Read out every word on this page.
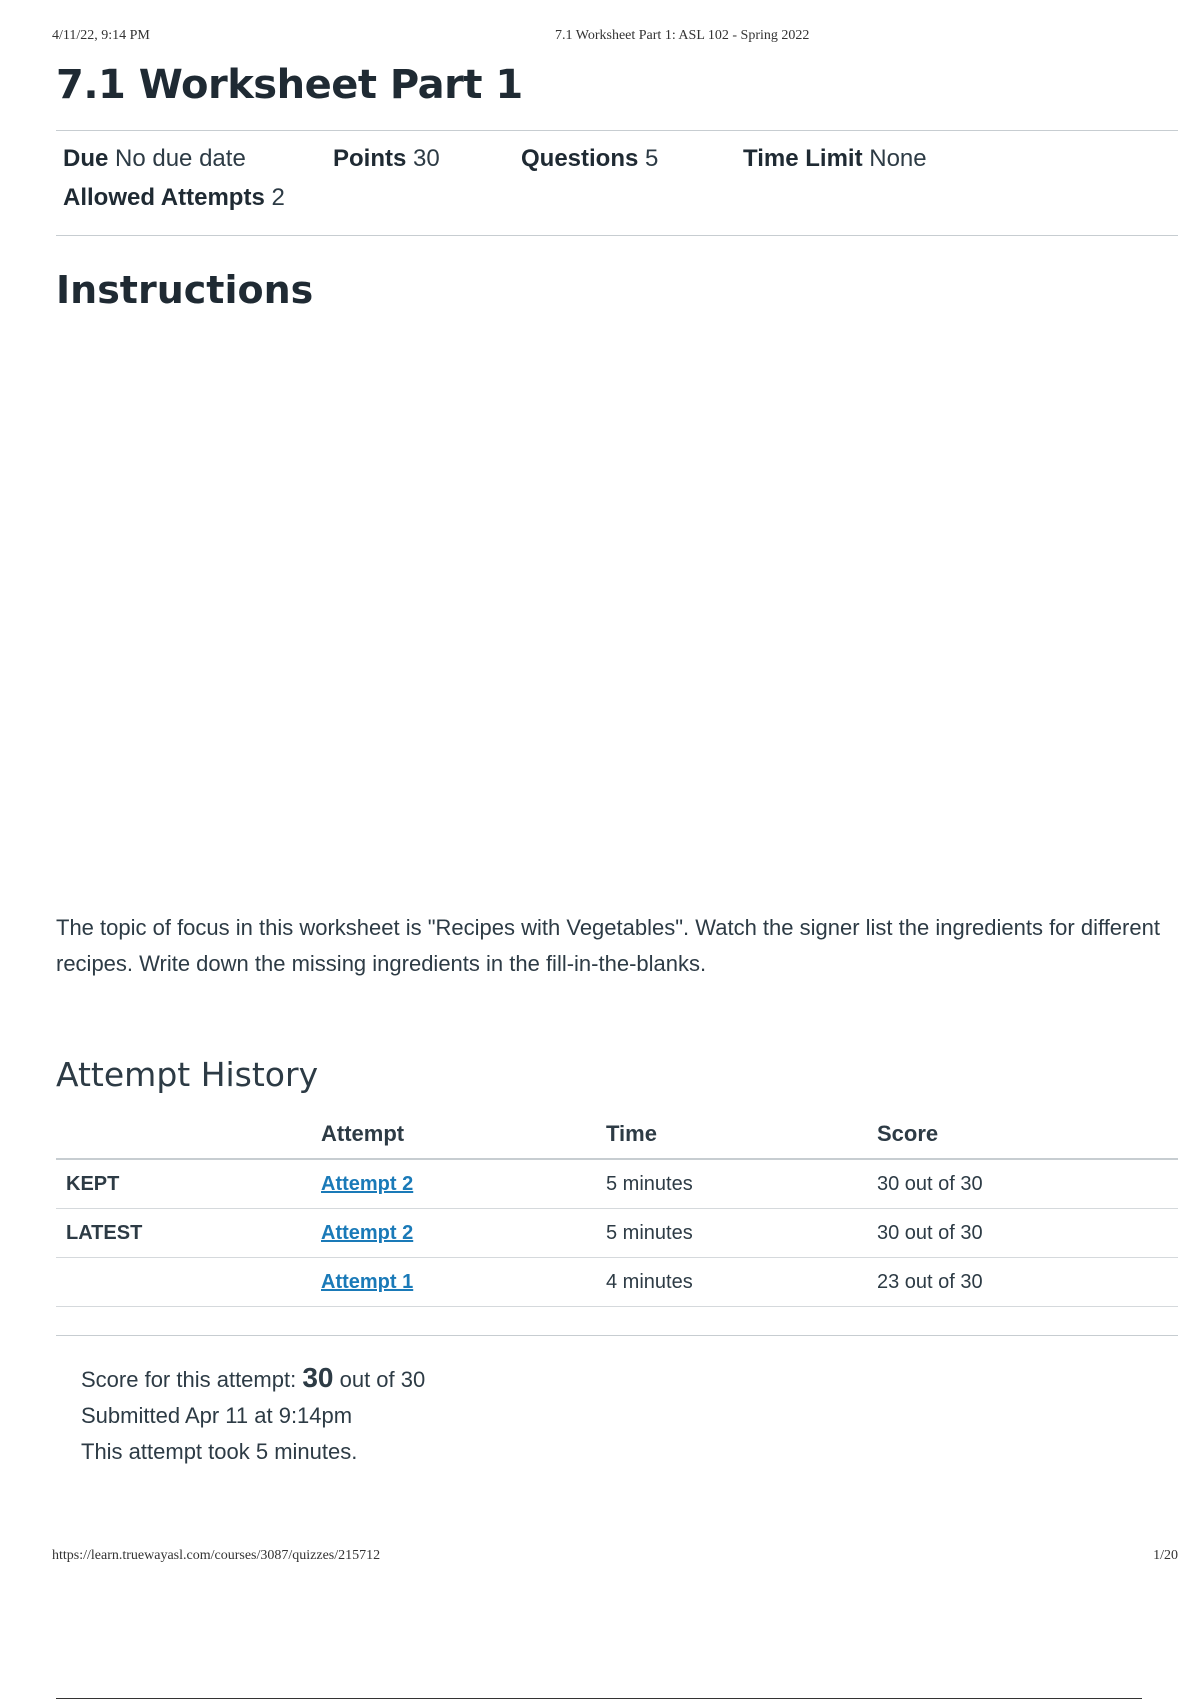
4/11/22, 9:14 PM	7.1 Worksheet Part 1: ASL 102 - Spring 2022
7.1 Worksheet Part 1
Due No due date	Points 30	Questions 5	Time Limit None
Allowed Attempts 2
Instructions

The topic of focus in this worksheet is "Recipes with Vegetables". Watch the signer list the ingredients for different recipes. Write down the missing ingredients in the fill-in-the-blanks.

Attempt History
	Attempt	Time	Score
KEPT	Attempt 2	5 minutes	30 out of 30
LATEST	Attempt 2	5 minutes	30 out of 30
	Attempt 1	4 minutes	23 out of 30
Score for this attempt: 30 out of 30
Submitted Apr 11 at 9:14pm
This attempt took 5 minutes.
https://learn.truewayasl.com/courses/3087/quizzes/215712	1/20
